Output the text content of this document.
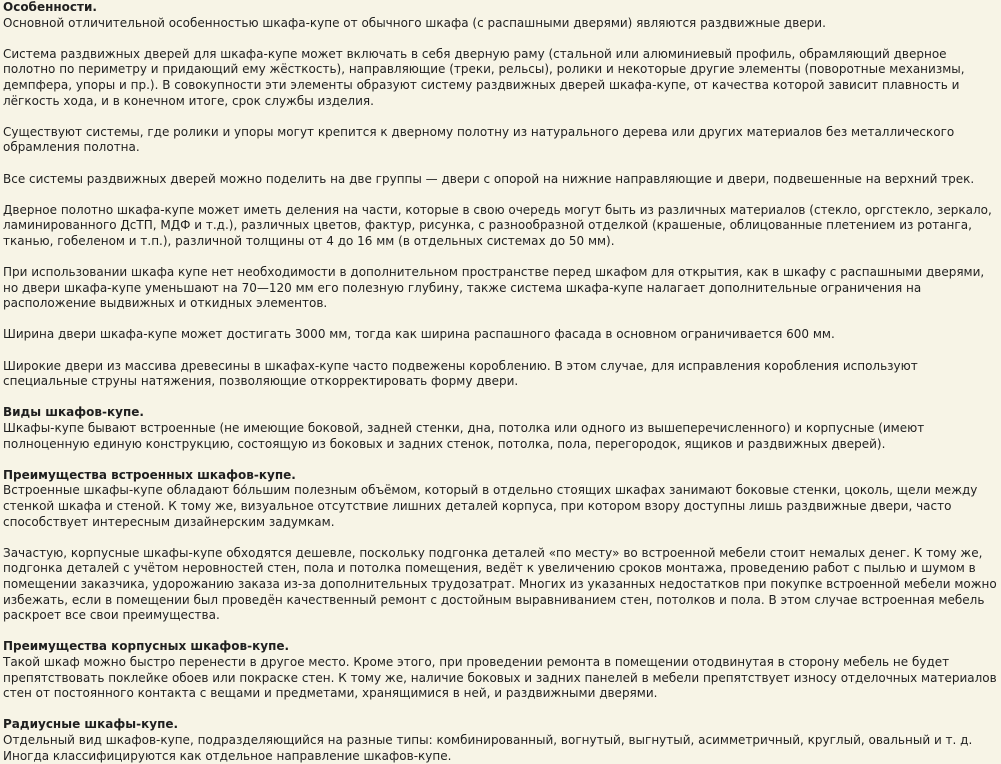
Особенности.

Основной отличительной особенностью шкафа-купе от обычного шкафа (с распашными дверями) являются раздвижные двери.

Система раздвижных дверей для шкафа-купе может включать в себя дверную раму (стальной или алюминиевый профиль, обрамляющий дверное полотно по периметру и придающий ему жёсткость), направляющие (треки, рельсы), ролики и некоторые другие элементы (поворотные механизмы, демпфера, упоры и пр.). В совокупности эти элементы образуют систему раздвижных дверей шкафа-купе, от качества которой зависит плавность и лёгкость хода, и в конечном итоге, срок службы изделия.

Существуют системы, где ролики и упоры могут крепится к дверному полотну из натурального дерева или других материалов без металлического обрамления полотна.

Все системы раздвижных дверей можно поделить на две группы — двери с опорой на нижние направляющие и двери, подвешенные на верхний трек.

Дверное полотно шкафа-купе может иметь деления на части, которые в свою очередь могут быть из различных материалов (стекло, оргстекло, зеркало, ламинированного ДсТП, МДФ и т.д.), различных цветов, фактур, рисунка, с разнообразной отделкой (крашеные, облицованные плетением из ротанга, тканью, гобеленом и т.п.), различной толщины от 4 до 16 мм (в отдельных системах до 50 мм).

При использовании шкафа купе нет необходимости в дополнительном пространстве перед шкафом для открытия, как в шкафу с распашными дверями, но двери шкафа-купе уменьшают на 70—120 мм его полезную глубину, также система шкафа-купе налагает дополнительные ограничения на расположение выдвижных и откидных элементов.

Ширина двери шкафа-купе может достигать 3000 мм, тогда как ширина распашного фасада в основном ограничивается 600 мм.

Широкие двери из массива древесины в шкафах-купе часто подвежены короблению. В этом случае, для исправления коробления используют специальные струны натяжения, позволяющие откорректировать форму двери.

Виды шкафов-купе.

Шкафы-купе бывают встроенные (не имеющие боковой, задней стенки, дна, потолка или одного из вышеперечисленного) и корпусные (имеют полноценную единую конструкцию, состоящую из боковых и задних стенок, потолка, пола, перегородок, ящиков и раздвижных дверей).

Преимущества встроенных шкафов-купе.

Встроенные шкафы-купе обладают бо́льшим полезным объёмом, который в отдельно стоящих шкафах занимают боковые стенки, цоколь, щели между стенкой шкафа и стеной. К тому же, визуальное отсутствие лишних деталей корпуса, при котором взору доступны лишь раздвижные двери, часто способствует интересным дизайнерским задумкам.

Зачастую, корпусные шкафы-купе обходятся дешевле, поскольку подгонка деталей «по месту» во встроенной мебели стоит немалых денег. К тому же, подгонка деталей с учётом неровностей стен, пола и потолка помещения, ведёт к увеличению сроков монтажа, проведению работ с пылью и шумом в помещении заказчика, удорожанию заказа из-за дополнительных трудозатрат. Многих из указанных недостатков при покупке встроенной мебели можно избежать, если в помещении был проведён качественный ремонт с достойным выравниванием стен, потолков и пола. В этом случае встроенная мебель раскроет все свои преимущества.

Преимущества корпусных шкафов-купе.

Такой шкаф можно быстро перенести в другое место. Кроме этого, при проведении ремонта в помещении отодвинутая в сторону мебель не будет препятствовать поклейке обоев или покраске стен. К тому же, наличие боковых и задних панелей в мебели препятствует износу отделочных материалов стен от постоянного контакта с вещами и предметами, хранящимися в ней, и раздвижными дверями.

Радиусные шкафы-купе.

Отдельный вид шкафов-купе, подразделяющийся на разные типы: комбинированный, вогнутый, выгнутый, асимметричный, круглый, овальный и т. д. Иногда классифицируются как отдельное направление шкафов-купе.
